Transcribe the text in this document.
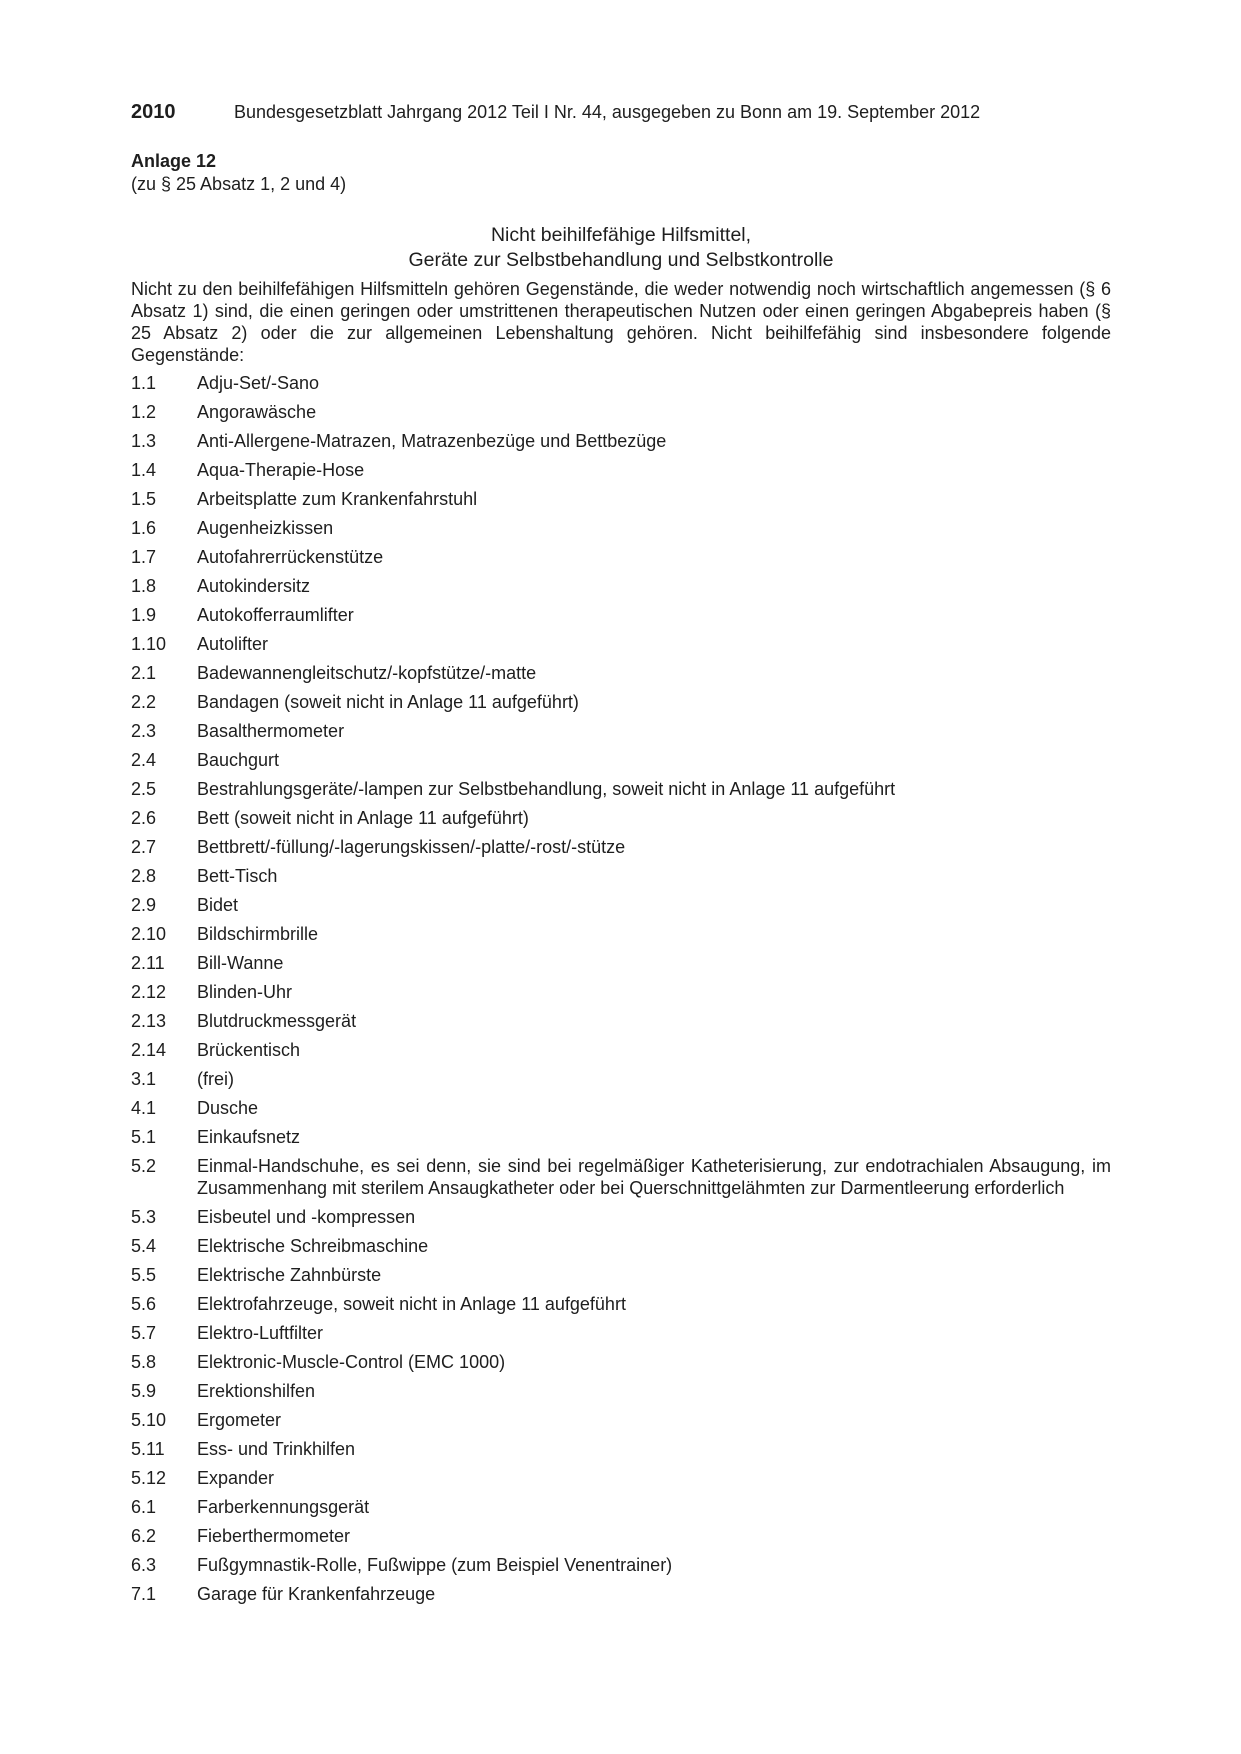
2010	Bundesgesetzblatt Jahrgang 2012 Teil I Nr. 44, ausgegeben zu Bonn am 19. September 2012
Anlage 12
(zu § 25 Absatz 1, 2 und 4)
Nicht beihilfefähige Hilfsmittel,
Geräte zur Selbstbehandlung und Selbstkontrolle

Nicht zu den beihilfefähigen Hilfsmitteln gehören Gegenstände, die weder notwendig noch wirtschaftlich angemessen (§ 6 Absatz 1) sind, die einen geringen oder umstrittenen therapeutischen Nutzen oder einen geringen Abgabepreis haben (§ 25 Absatz 2) oder die zur allgemeinen Lebenshaltung gehören. Nicht beihilfefähig sind insbesondere folgende Gegenstände:

1.1	Adju-Set/-Sano
1.2	Angorawäsche
1.3	Anti-Allergene-Matrazen, Matrazenbezüge und Bettbezüge
1.4	Aqua-Therapie-Hose
1.5	Arbeitsplatte zum Krankenfahrstuhl
1.6	Augenheizkissen
1.7	Autofahrerrückenstütze
1.8	Autokindersitz
1.9	Autokofferraumlifter
1.10	Autolifter
2.1	Badewannengleitschutz/-kopfstütze/-matte
2.2	Bandagen (soweit nicht in Anlage 11 aufgeführt)
2.3	Basalthermometer
2.4	Bauchgurt
2.5	Bestrahlungsgeräte/-lampen zur Selbstbehandlung, soweit nicht in Anlage 11 aufgeführt
2.6	Bett (soweit nicht in Anlage 11 aufgeführt)
2.7	Bettbrett/-füllung/-lagerungskissen/-platte/-rost/-stütze
2.8	Bett-Tisch
2.9	Bidet
2.10	Bildschirmbrille
2.11	Bill-Wanne
2.12	Blinden-Uhr
2.13	Blutdruckmessgerät
2.14	Brückentisch
3.1	(frei)
4.1	Dusche
5.1	Einkaufsnetz
5.2	Einmal-Handschuhe, es sei denn, sie sind bei regelmäßiger Katheterisierung, zur endotrachialen Absaugung, im Zusammenhang mit sterilem Ansaugkatheter oder bei Querschnittgelähmten zur Darmentleerung erforderlich
5.3	Eisbeutel und -kompressen
5.4	Elektrische Schreibmaschine
5.5	Elektrische Zahnbürste
5.6	Elektrofahrzeuge, soweit nicht in Anlage 11 aufgeführt
5.7	Elektro-Luftfilter
5.8	Elektronic-Muscle-Control (EMC 1000)
5.9	Erektionshilfen
5.10	Ergometer
5.11	Ess- und Trinkhilfen
5.12	Expander
6.1	Farberkennungsgerät
6.2	Fieberthermometer
6.3	Fußgymnastik-Rolle, Fußwippe (zum Beispiel Venentrainer)
7.1	Garage für Krankenfahrzeuge
